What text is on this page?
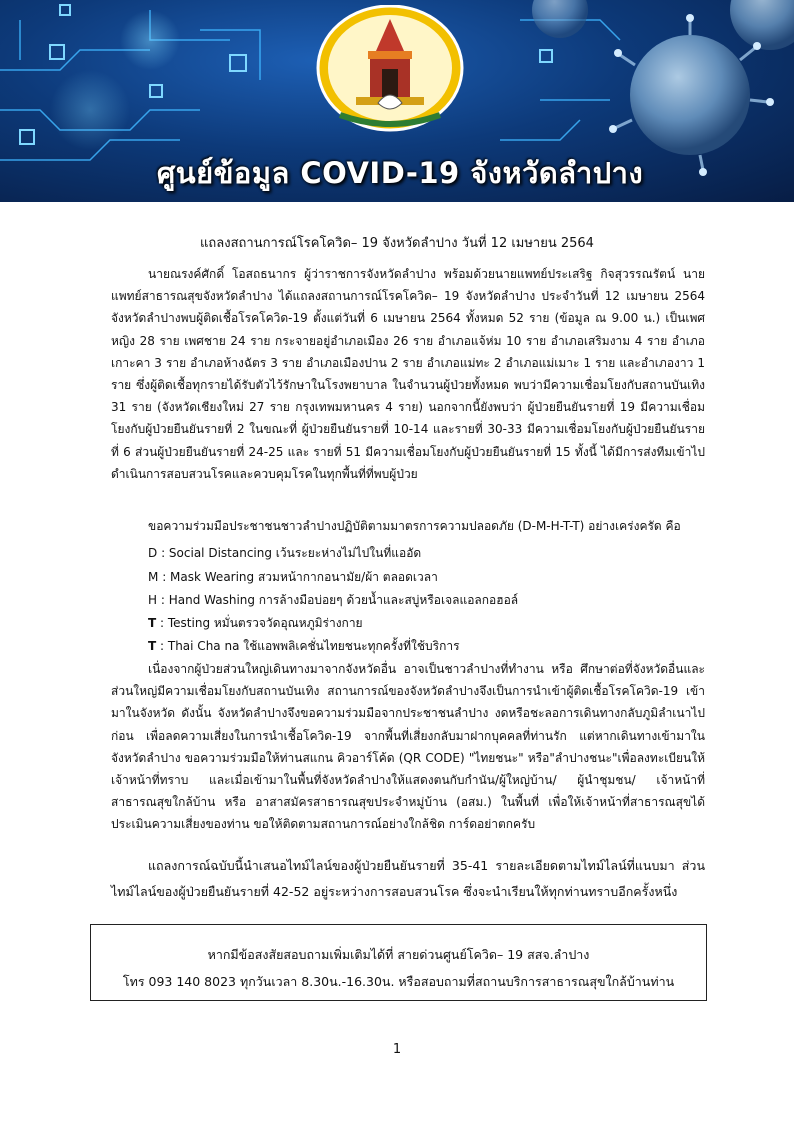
ศูนย์ข้อมูล COVID-19 จังหวัดลำปาง
แถลงสถานการณ์โรคโควิด– 19 จังหวัดลำปาง วันที่ 12 เมษายน 2564
นายณรงค์ศักดิ์ โอสถธนากร ผู้ว่าราชการจังหวัดลำปาง พร้อมด้วยนายแพทย์ประเสริฐ กิจสุวรรณรัตน์ นายแพทย์สาธารณสุขจังหวัดลำปาง ได้แถลงสถานการณ์โรคโควิด– 19 จังหวัดลำปาง ประจำวันที่ 12 เมษายน 2564 จังหวัดลำปางพบผู้ติดเชื้อโรคโควิด-19 ตั้งแต่วันที่ 6 เมษายน 2564 ทั้งหมด 52 ราย (ข้อมูล ณ 9.00 น.) เป็นเพศหญิง 28 ราย เพศชาย 24 ราย กระจายอยู่อำเภอเมือง 26 ราย อำเภอแจ้ห่ม 10 ราย อำเภอเสริมงาม 4 ราย อำเภอเกาะคา 3 ราย อำเภอห้างฉัตร 3 ราย อำเภอเมืองปาน 2 ราย อำเภอแม่ทะ 2 อำเภอแม่เมาะ 1 ราย และอำเภองาว 1 ราย ซึ่งผู้ติดเชื้อทุกรายได้รับตัวไว้รักษาในโรงพยาบาล ในจำนวนผู้ป่วยทั้งหมด พบว่ามีความเชื่อมโยงกับสถานบันเทิง 31 ราย (จังหวัดเชียงใหม่ 27 ราย กรุงเทพมหานคร 4 ราย) นอกจากนี้ยังพบว่า ผู้ป่วยยืนยันรายที่ 19 มีความเชื่อมโยงกับผู้ป่วยยืนยันรายที่ 2 ในขณะที่ ผู้ป่วยยืนยันรายที่ 10-14 และรายที่ 30-33 มีความเชื่อมโยงกับผู้ป่วยยืนยันรายที่ 6 ส่วนผู้ป่วยยืนยันรายที่ 24-25 และ รายที่ 51 มีความเชื่อมโยงกับผู้ป่วยยืนยันรายที่ 15 ทั้งนี้ ได้มีการส่งทีมเข้าไปดำเนินการสอบสวนโรคและควบคุมโรคในทุกพื้นที่ที่พบผู้ป่วย
ขอความร่วมมือประชาชนชาวลำปางปฏิบัติตามมาตรการความปลอดภัย (D-M-H-T-T) อย่างเคร่งครัด คือ
D : Social Distancing เว้นระยะห่างไม่ไปในที่แออัด
M : Mask Wearing สวมหน้ากากอนามัย/ผ้า ตลอดเวลา
H : Hand Washing การล้างมือบ่อยๆ ด้วยน้ำและสบู่หรือเจลแอลกอฮอล์
T : Testing หมั่นตรวจวัดอุณหภูมิร่างกาย
T : Thai Cha na ใช้แอพพลิเคชั่นไทยชนะทุกครั้งที่ใช้บริการ
เนื่องจากผู้ป่วยส่วนใหญ่เดินทางมาจากจังหวัดอื่น อาจเป็นชาวลำปางที่ทำงาน หรือ ศึกษาต่อที่จังหวัดอื่นและส่วนใหญ่มีความเชื่อมโยงกับสถานบันเทิง สถานการณ์ของจังหวัดลำปางจึงเป็นการนำเข้าผู้ติดเชื้อโรคโควิด-19 เข้ามาในจังหวัด ดังนั้น จังหวัดลำปางจึงขอความร่วมมือจากประชาชนลำปาง งดหรือชะลอการเดินทางกลับภูมิลำเนาไปก่อน เพื่อลดความเสี่ยงในการนำเชื้อโควิด-19 จากพื้นที่เสี่ยงกลับมาฝากบุคคลที่ท่านรัก แต่หากเดินทางเข้ามาในจังหวัดลำปาง ขอความร่วมมือให้ท่านสแกน คิวอาร์โค้ด (QR CODE) "ไทยชนะ" หรือ"ลำปางชนะ"เพื่อลงทะเบียนให้เจ้าหน้าที่ทราบ และเมื่อเข้ามาในพื้นที่จังหวัดลำปางให้แสดงตนกับกำนัน/ผู้ใหญ่บ้าน/ ผู้นำชุมชน/ เจ้าหน้าที่สาธารณสุขใกล้บ้าน หรือ อาสาสมัครสาธารณสุขประจำหมู่บ้าน (อสม.) ในพื้นที่ เพื่อให้เจ้าหน้าที่สาธารณสุขได้ประเมินความเสี่ยงของท่าน ขอให้ติดตามสถานการณ์อย่างใกล้ชิด การ์ดอย่าตกครับ
แถลงการณ์ฉบับนี้นำเสนอไทม์ไลน์ของผู้ป่วยยืนยันรายที่ 35-41 รายละเอียดตามไทม์ไลน์ที่แนบมา ส่วนไทม์ไลน์ของผู้ป่วยยืนยันรายที่ 42-52 อยู่ระหว่างการสอบสวนโรค ซึ่งจะนำเรียนให้ทุกท่านทราบอีกครั้งหนึ่ง
หากมีข้อสงสัยสอบถามเพิ่มเติมได้ที่ สายด่วนศูนย์โควิด– 19 สสจ.ลำปาง
โทร 093 140 8023 ทุกวันเวลา 8.30น.-16.30น. หรือสอบถามที่สถานบริการสาธารณสุขใกล้บ้านท่าน
1
